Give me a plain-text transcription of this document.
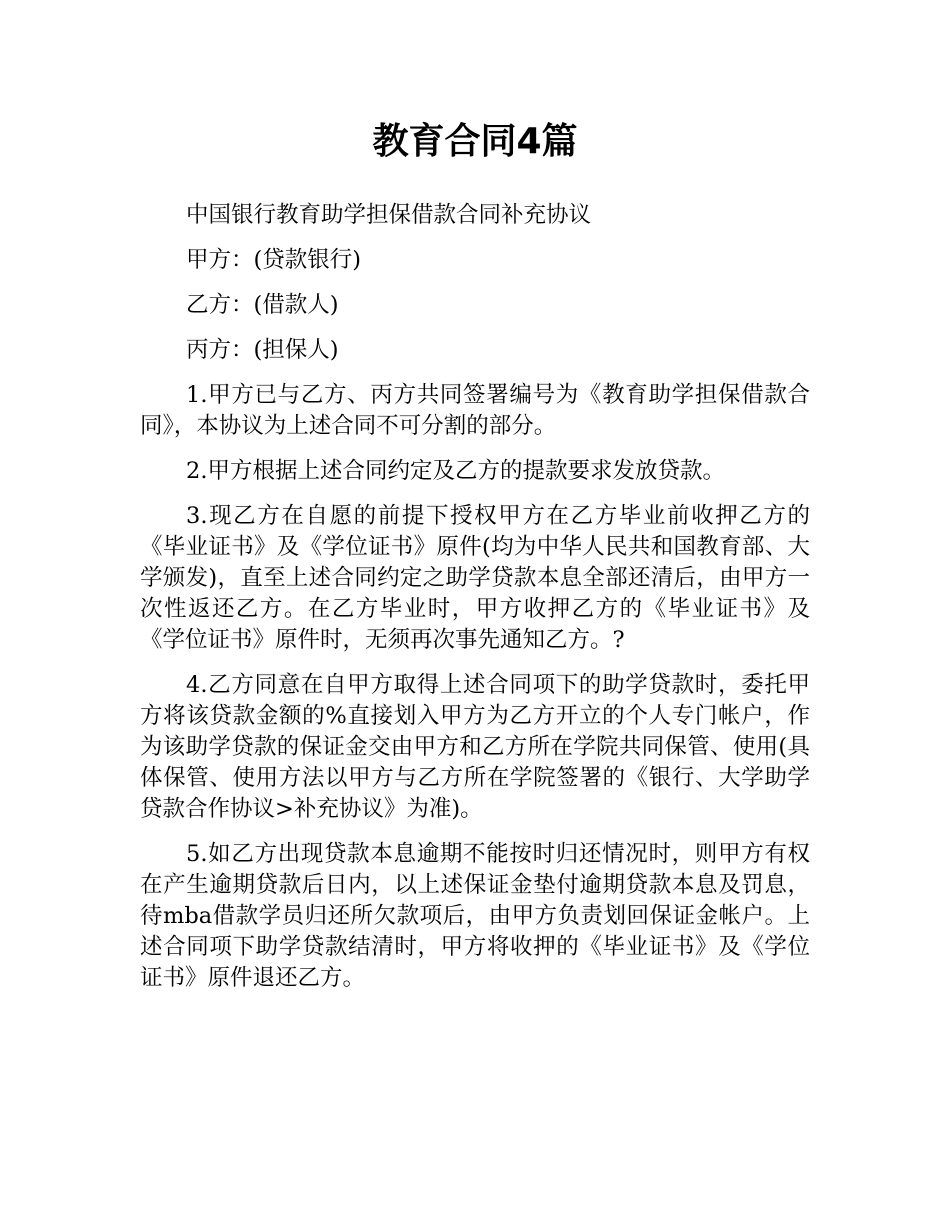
教育合同4篇

中国银行教育助学担保借款合同补充协议

甲方：(贷款银行)

乙方：(借款人)

丙方：(担保人)

1.甲方已与乙方、丙方共同签署编号为《教育助学担保借款合同》，本协议为上述合同不可分割的部分。

2.甲方根据上述合同约定及乙方的提款要求发放贷款。

3.现乙方在自愿的前提下授权甲方在乙方毕业前收押乙方的《毕业证书》及《学位证书》原件(均为中华人民共和国教育部、大学颁发)，直至上述合同约定之助学贷款本息全部还清后，由甲方一次性返还乙方。在乙方毕业时，甲方收押乙方的《毕业证书》及《学位证书》原件时，无须再次事先通知乙方。?

4.乙方同意在自甲方取得上述合同项下的助学贷款时，委托甲方将该贷款金额的%直接划入甲方为乙方开立的个人专门帐户，作为该助学贷款的保证金交由甲方和乙方所在学院共同保管、使用(具体保管、使用方法以甲方与乙方所在学院签署的《银行、大学助学贷款合作协议>补充协议》为准)。

5.如乙方出现贷款本息逾期不能按时归还情况时，则甲方有权在产生逾期贷款后日内，以上述保证金垫付逾期贷款本息及罚息，待mba借款学员归还所欠款项后，由甲方负责划回保证金帐户。上述合同项下助学贷款结清时，甲方将收押的《毕业证书》及《学位证书》原件退还乙方。
